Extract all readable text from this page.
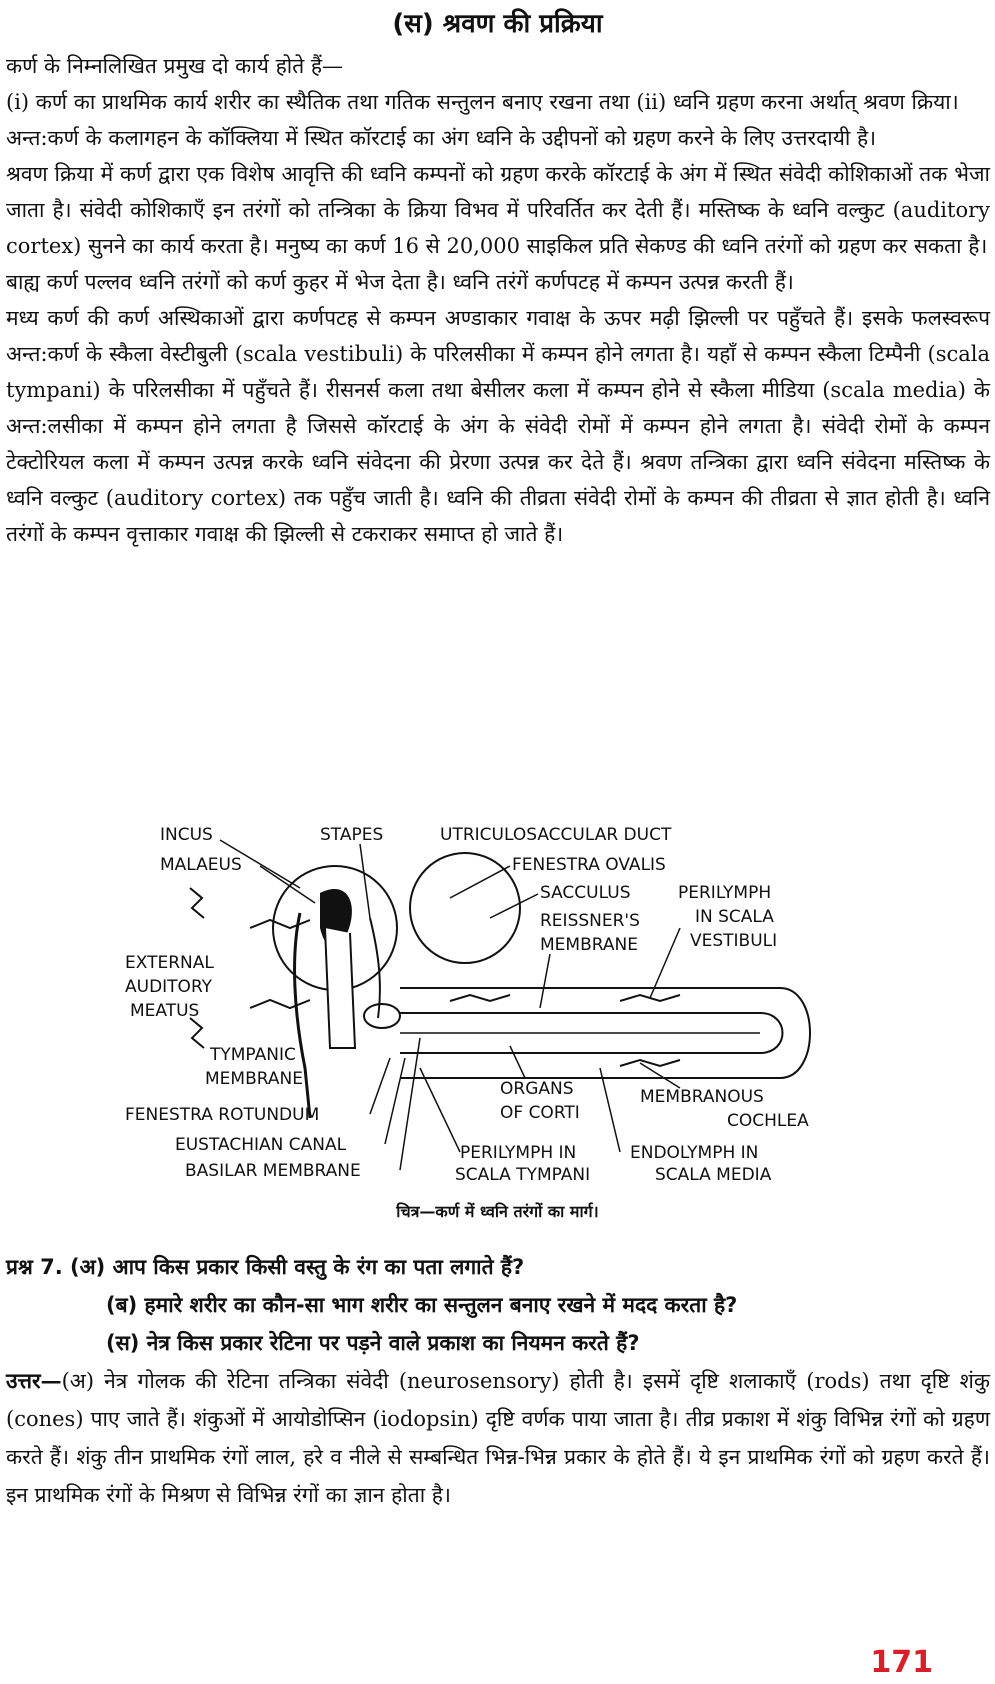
(स) श्रवण की प्रक्रिया

कर्ण के निम्नलिखित प्रमुख दो कार्य होते हैं—

(i) कर्ण का प्राथमिक कार्य शरीर का स्थैतिक तथा गतिक सन्तुलन बनाए रखना तथा (ii) ध्वनि ग्रहण करना अर्थात् श्रवण क्रिया।

अन्त:कर्ण के कलागहन के कॉक्लिया में स्थित कॉरटाई का अंग ध्वनि के उद्दीपनों को ग्रहण करने के लिए उत्तरदायी है।

श्रवण क्रिया में कर्ण द्वारा एक विशेष आवृत्ति की ध्वनि कम्पनों को ग्रहण करके कॉरटाई के अंग में स्थित संवेदी कोशिकाओं तक भेजा जाता है। संवेदी कोशिकाएँ इन तरंगों को तन्त्रिका के क्रिया विभव में परिवर्तित कर देती हैं। मस्तिष्क के ध्वनि वल्कुट (auditory cortex) सुनने का कार्य करता है। मनुष्य का कर्ण 16 से 20,000 साइकिल प्रति सेकण्ड की ध्वनि तरंगों को ग्रहण कर सकता है।

बाह्य कर्ण पल्लव ध्वनि तरंगों को कर्ण कुहर में भेज देता है। ध्वनि तरंगें कर्णपटह में कम्पन उत्पन्न करती हैं।

मध्य कर्ण की कर्ण अस्थिकाओं द्वारा कर्णपटह से कम्पन अण्डाकार गवाक्ष के ऊपर मढ़ी झिल्ली पर पहुँचते हैं। इसके फलस्वरूप अन्त:कर्ण के स्कैला वेस्टीबुली (scala vestibuli) के परिलसीका में कम्पन होने लगता है। यहाँ से कम्पन स्कैला टिम्पैनी (scala tympani) के परिलसीका में पहुँचते हैं। रीसनर्स कला तथा बेसीलर कला में कम्पन होने से स्कैला मीडिया (scala media) के अन्त:लसीका में कम्पन होने लगता है जिससे कॉरटाई के अंग के संवेदी रोमों में कम्पन होने लगता है। संवेदी रोमों के कम्पन टेक्टोरियल कला में कम्पन उत्पन्न करके ध्वनि संवेदना की प्रेरणा उत्पन्न कर देते हैं। श्रवण तन्त्रिका द्वारा ध्वनि संवेदना मस्तिष्क के ध्वनि वल्कुट (auditory cortex) तक पहुँच जाती है। ध्वनि की तीव्रता संवेदी रोमों के कम्पन की तीव्रता से ज्ञात होती है। ध्वनि तरंगों के कम्पन वृत्ताकार गवाक्ष की झिल्ली से टकराकर समाप्त हो जाते हैं।

INCUS	STAPES	UTRICULOSACCULAR DUCT
MALAEUS	FENESTRA OVALIS
SACCULUS	PERILYMPH
IN SCALA
VESTIBULI
REISSNER'S
MEMBRANE
EXTERNAL
AUDITORY
MEATUS
TYMPANIC
MEMBRANE	ORGANS
OF CORTI
MEMBRANOUS
COCHLEA
FENESTRA ROTUNDUM
EUSTACHIAN CANAL
BASILAR MEMBRANE
PERILYMPH IN
SCALA TYMPANI
ENDOLYMPH IN
SCALA MEDIA
चित्र—कर्ण में ध्वनि तरंगों का मार्ग।

प्रश्न 7. (अ) आप किस प्रकार किसी वस्तु के रंग का पता लगाते हैं?

(ब) हमारे शरीर का कौन-सा भाग शरीर का सन्तुलन बनाए रखने में मदद करता है?

(स) नेत्र किस प्रकार रेटिना पर पड़ने वाले प्रकाश का नियमन करते हैं?

उत्तर—(अ) नेत्र गोलक की रेटिना तन्त्रिका संवेदी (neurosensory) होती है। इसमें दृष्टि शलाकाएँ (rods) तथा दृष्टि शंकु (cones) पाए जाते हैं। शंकुओं में आयोडोप्सिन (iodopsin) दृष्टि वर्णक पाया जाता है। तीव्र प्रकाश में शंकु विभिन्न रंगों को ग्रहण करते हैं। शंकु तीन प्राथमिक रंगों लाल, हरे व नीले से सम्बन्धित भिन्न-भिन्न प्रकार के होते हैं। ये इन प्राथमिक रंगों को ग्रहण करते हैं। इन प्राथमिक रंगों के मिश्रण से विभिन्न रंगों का ज्ञान होता है।

171
